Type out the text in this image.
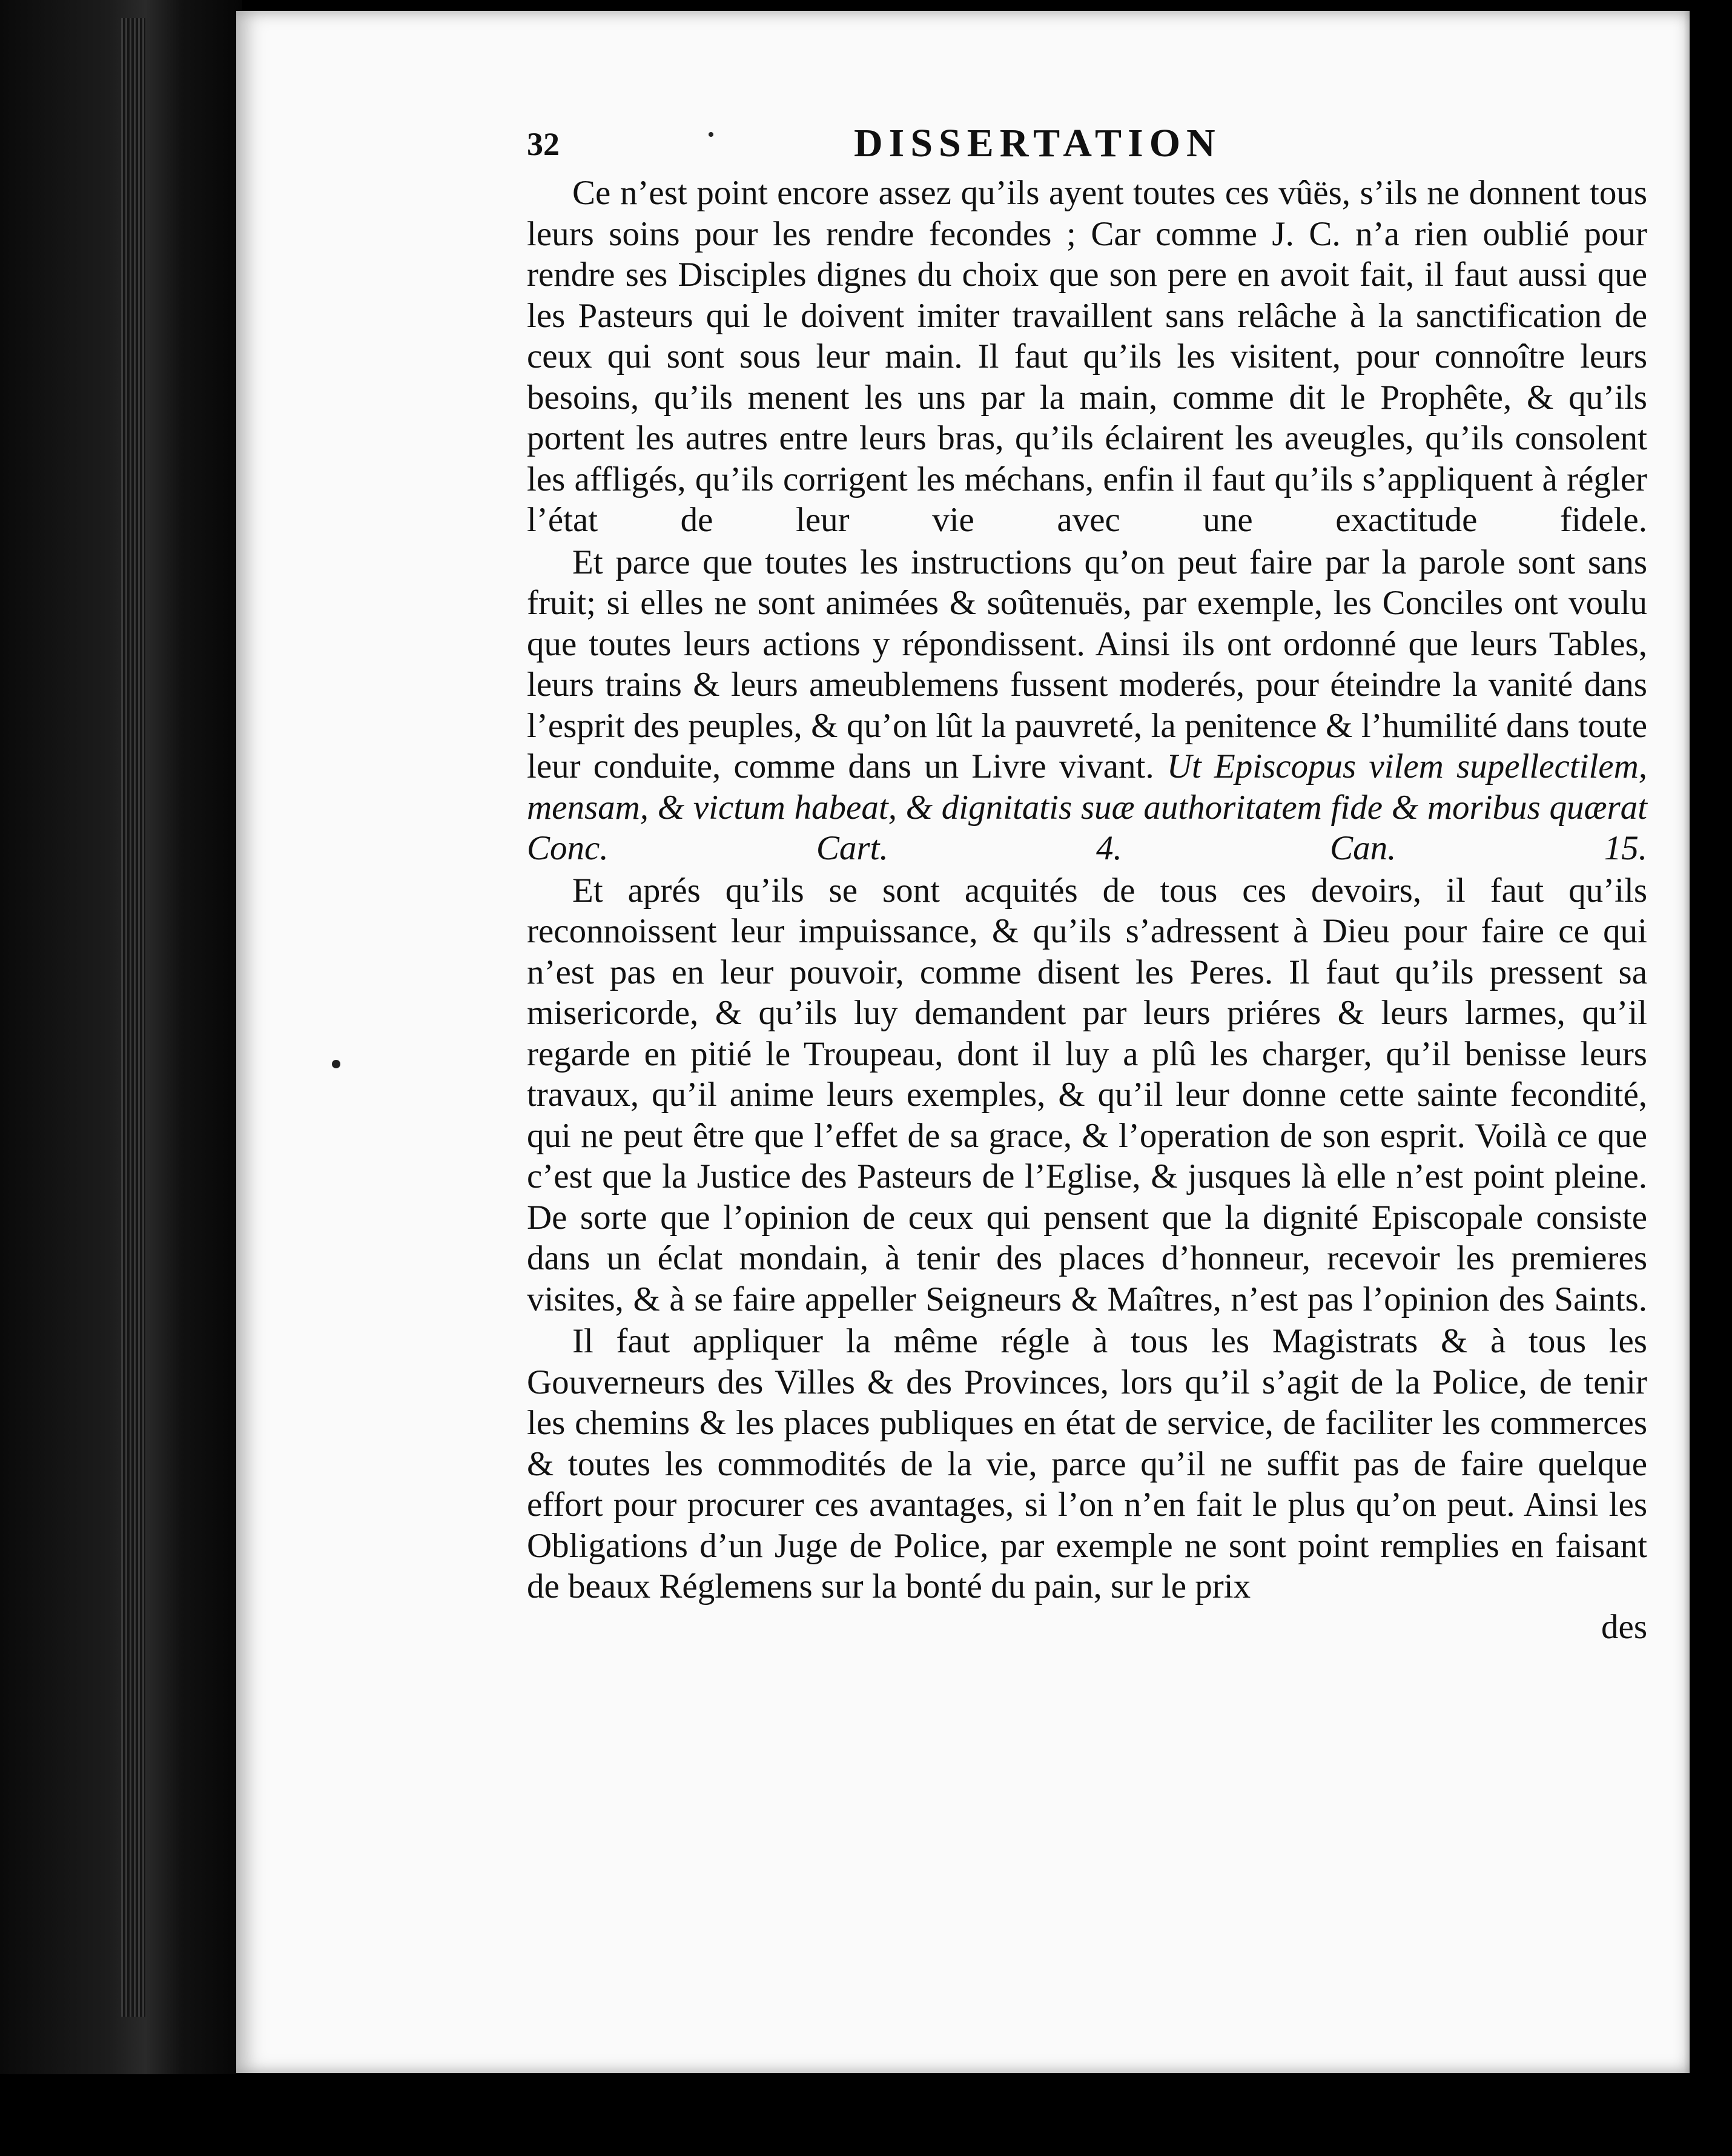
32	DISSERTATION

Ce n’est point encore assez qu’ils ayent toutes ces vûës, s’ils ne donnent tous leurs soins pour les rendre fecondes ; Car comme J. C. n’a rien oublié pour rendre ses Disciples dignes du choix que son pere en avoit fait, il faut aussi que les Pasteurs qui le doivent imiter travaillent sans relâche à la sanctification de ceux qui sont sous leur main. Il faut qu’ils les visitent, pour connoître leurs besoins, qu’ils menent les uns par la main, comme dit le Prophête, & qu’ils portent les autres entre leurs bras, qu’ils éclairent les aveugles, qu’ils consolent les affligés, qu’ils corrigent les méchans, enfin il faut qu’ils s’appliquent à régler l’état de leur vie avec une exactitude fidele.

Et parce que toutes les instructions qu’on peut faire par la parole sont sans fruit; si elles ne sont animées & soûtenuës, par exemple, les Conciles ont voulu que toutes leurs actions y répondissent. Ainsi ils ont ordonné que leurs Tables, leurs trains & leurs ameublemens fussent moderés, pour éteindre la vanité dans l’esprit des peuples, & qu’on lût la pauvreté, la penitence & l’humilité dans toute leur conduite, comme dans un Livre vivant. Ut Episcopus vilem supellectilem, mensam, & victum habeat, & dignitatis suæ authoritatem fide & moribus quærat Conc. Cart. 4. Can. 15.

Et aprés qu’ils se sont acquités de tous ces devoirs, il faut qu’ils reconnoissent leur impuissance, & qu’ils s’adressent à Dieu pour faire ce qui n’est pas en leur pouvoir, comme disent les Peres. Il faut qu’ils pressent sa misericorde, & qu’ils luy demandent par leurs priéres & leurs larmes, qu’il regarde en pitié le Troupeau, dont il luy a plû les charger, qu’il benisse leurs travaux, qu’il anime leurs exemples, & qu’il leur donne cette sainte fecondité, qui ne peut être que l’effet de sa grace, & l’operation de son esprit. Voilà ce que c’est que la Justice des Pasteurs de l’Eglise, & jusques là elle n’est point pleine. De sorte que l’opinion de ceux qui pensent que la dignité Episcopale consiste dans un éclat mondain, à tenir des places d’honneur, recevoir les premieres visites, & à se faire appeller Seigneurs & Maîtres, n’est pas l’opinion des Saints.

Il faut appliquer la même régle à tous les Magistrats & à tous les Gouverneurs des Villes & des Provinces, lors qu’il s’agit de la Police, de tenir les chemins & les places publiques en état de service, de faciliter les commerces & toutes les commodités de la vie, parce qu’il ne suffit pas de faire quelque effort pour procurer ces avantages, si l’on n’en fait le plus qu’on peut. Ainsi les Obligations d’un Juge de Police, par exemple ne sont point remplies en faisant de beaux Réglemens sur la bonté du pain, sur le prix

des
